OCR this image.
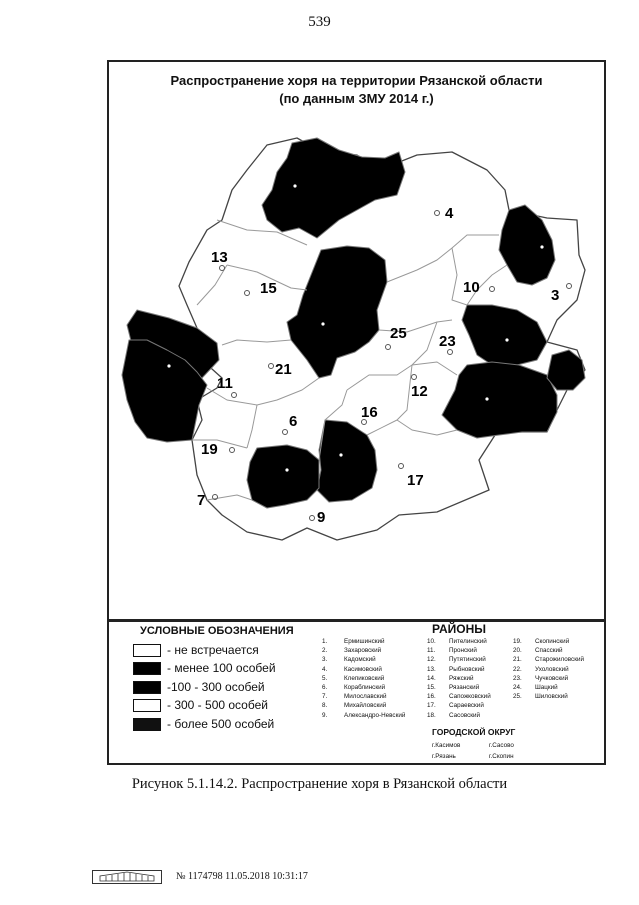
539
Распространение хоря на территории Рязанской области
(по данным ЗМУ 2014 г.)
4
13
15	10	3
25 23
21
11	12
16
6
19
17
7
9
УСЛОВНЫЕ ОБОЗНАЧЕНИЯ
- не встречается
- менее 100 особей
-100 - 300 особей
- 300 - 500 особей
- более 500 особей
РАЙОНЫ
1.	Ермишинский
2.	Захаровский
3.	Кадомский
4.	Касимовский
5.	Клепиковский
6.	Кораблинский
7.	Милославский
8.	Михайловский
9.	Александро-Невский
10.	Пителинский
11.	Пронский
12.	Путятинский
13.	Рыбновский
14.	Ряжский
15.	Рязанский
16.	Сапожковский
17.	Сараевский
18.	Сасовский
19.	Скопинский
20.	Спасский
21.	Старожиловский
22.	Ухоловский
23.	Чучковский
24.	Шацкий
25.	Шиловский
ГОРОДСКОЙ ОКРУГ
г.Касимов	г.Сасово
г.Рязань	г.Скопин
Рисунок 5.1.14.2. Распространение хоря в Рязанской области
№ 1174798 11.05.2018 10:31:17
